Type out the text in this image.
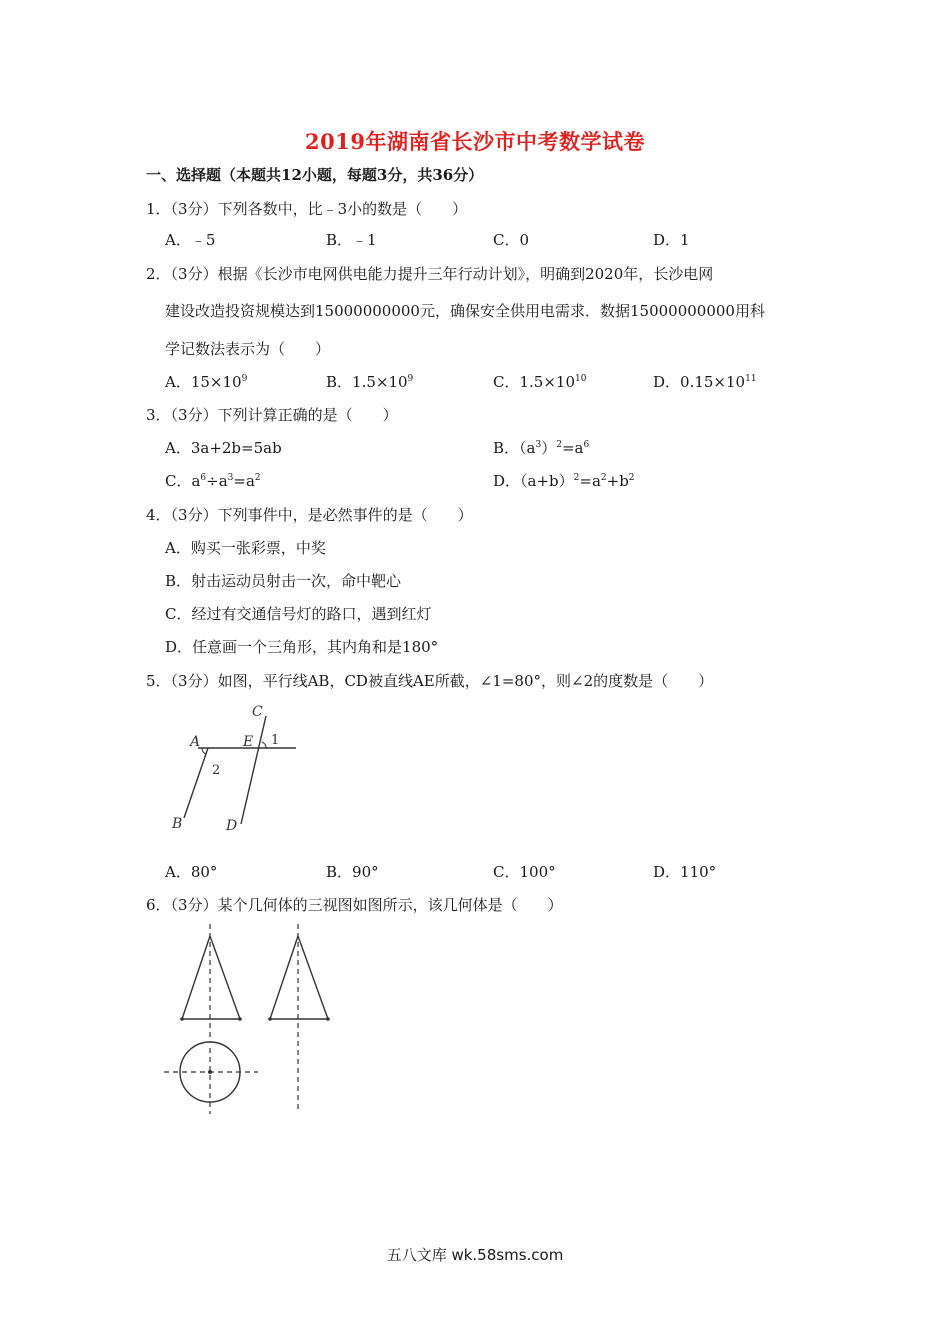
2019年湖南省长沙市中考数学试卷
一、选择题（本题共12小题，每题3分，共36分）
1．（3分）下列各数中，比﹣3小的数是（　　）
A．﹣5	B．﹣1	C．0	D．1
2．（3分）根据《长沙市电网供电能力提升三年行动计划》，明确到2020年，长沙电网
建设改造投资规模达到15000000000元，确保安全供用电需求．数据15000000000用科
学记数法表示为（　　）
A．$15\times 10^9$	B．$1.5\times 10^9$	C．$1.5\times 10^{10}$	D．$0.15\times 10^{11}$
3．（3分）下列计算正确的是（　　）
A．3a+2b=5ab	B．$(a^3)^2=a^6$
C．$a^6\div a^3=a^2$	D．$(a+b)^2=a^2+b^2$
4．（3分）下列事件中，是必然事件的是（　　）
A．购买一张彩票，中奖
B．射击运动员射击一次，命中靶心
C．经过有交通信号灯的路口，遇到红灯
D．任意画一个三角形，其内角和是180°
5．（3分）如图，平行线AB，CD被直线AE所截，∠1=80°，则∠2的度数是（　　）
A
B
C
D
E 1
2
A．80°	B．90°	C．100°	D．110°
6．（3分）某个几何体的三视图如图所示，该几何体是（　　）
五八文库 wk.58sms.com
